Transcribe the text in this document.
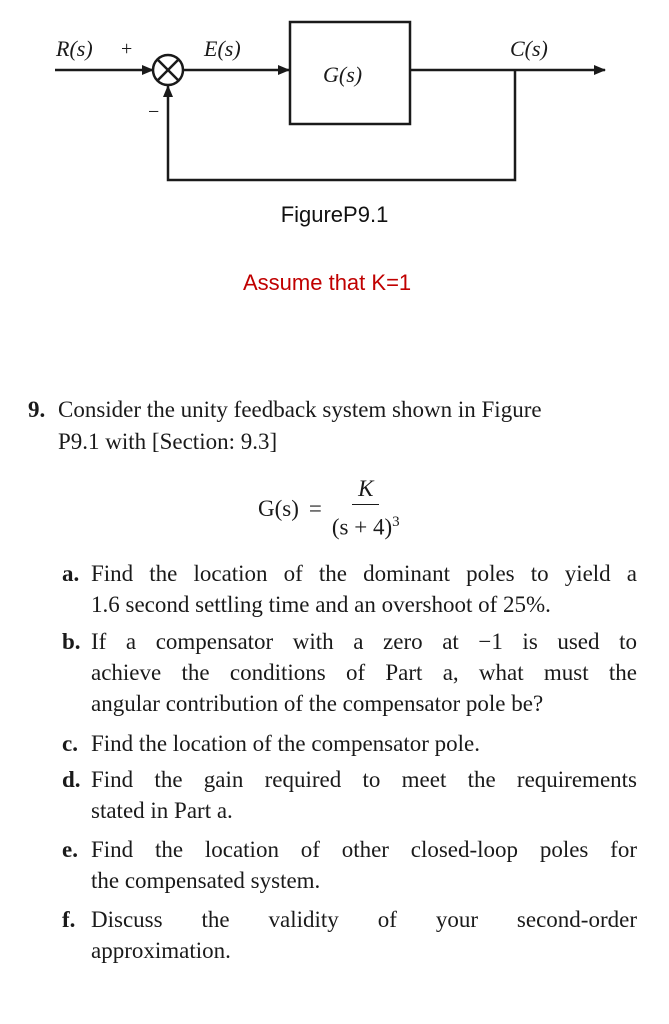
R(s) +
−
E(s)
G(s)
C(s)
FigureP9.1
Assume that K=1
9. Consider the unity feedback system shown in Figure
P9.1 with [Section: 9.3]
$G(s) = \frac{K}{(s + 4)^3}$
a. Find the location of the dominant poles to yield a
1.6 second settling time and an overshoot of 25%.
b. If a compensator with a zero at −1 is used to
achieve the conditions of Part a, what must the
angular contribution of the compensator pole be?
c. Find the location of the compensator pole.
d. Find the gain required to meet the requirements
stated in Part a.
e. Find the location of other closed-loop poles for
the compensated system.
f. Discuss the validity of your second-order
approximation.
